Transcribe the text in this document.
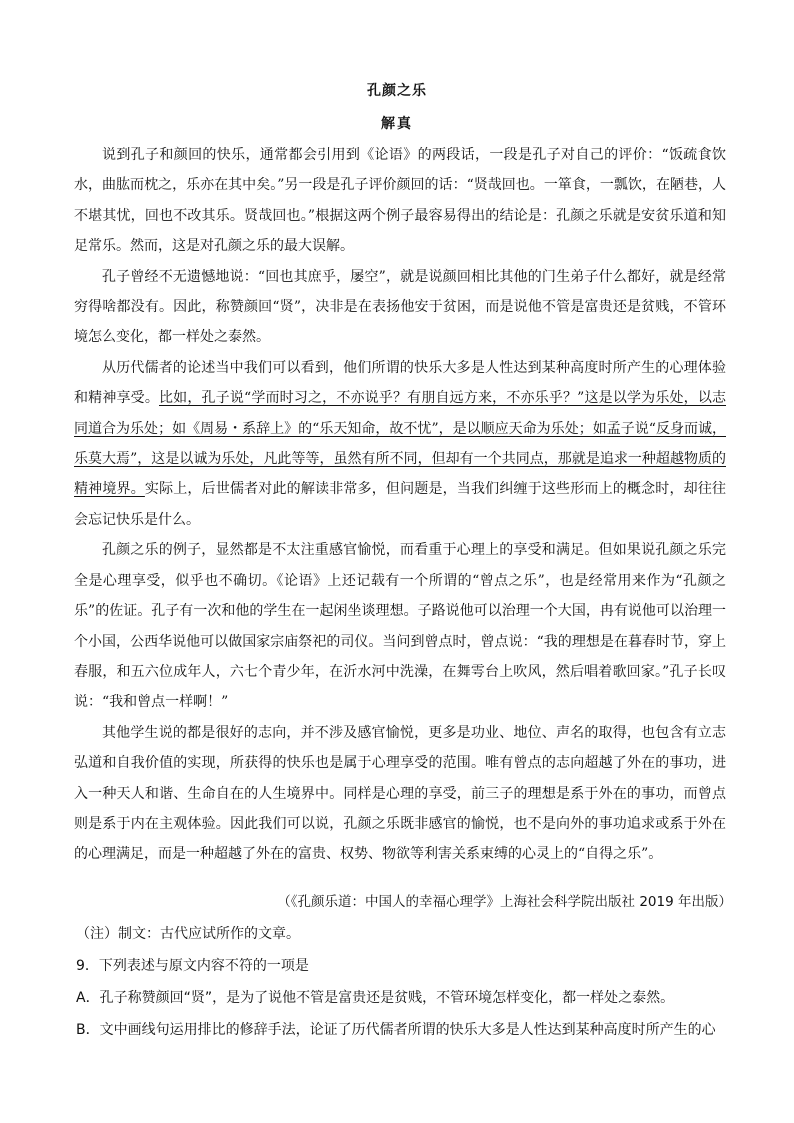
孔颜之乐
解真

说到孔子和颜回的快乐，通常都会引用到《论语》的两段话，一段是孔子对自己的评价：“饭疏食饮水，曲肱而枕之，乐亦在其中矣。”另一段是孔子评价颜回的话：“贤哉回也。一箪食，一瓢饮，在陋巷，人不堪其忧，回也不改其乐。贤哉回也。”根据这两个例子最容易得出的结论是：孔颜之乐就是安贫乐道和知足常乐。然而，这是对孔颜之乐的最大误解。

孔子曾经不无遗憾地说：“回也其庶乎，屡空”，就是说颜回相比其他的门生弟子什么都好，就是经常穷得啥都没有。因此，称赞颜回“贤”，决非是在表扬他安于贫困，而是说他不管是富贵还是贫贱，不管环境怎么变化，都一样处之泰然。

从历代儒者的论述当中我们可以看到，他们所谓的快乐大多是人性达到某种高度时所产生的心理体验和精神享受。比如，孔子说“学而时习之，不亦说乎？有朋自远方来，不亦乐乎？”这是以学为乐处，以志同道合为乐处；如《周易・系辞上》的“乐天知命，故不忧”，是以顺应天命为乐处；如孟子说“反身而诚，乐莫大焉”，这是以诚为乐处，凡此等等，虽然有所不同，但却有一个共同点，那就是追求一种超越物质的精神境界。实际上，后世儒者对此的解读非常多，但问题是，当我们纠缠于这些形而上的概念时，却往往会忘记快乐是什么。

孔颜之乐的例子，显然都是不太注重感官愉悦，而看重于心理上的享受和满足。但如果说孔颜之乐完全是心理享受，似乎也不确切。《论语》上还记载有一个所谓的“曾点之乐”，也是经常用来作为“孔颜之乐”的佐证。孔子有一次和他的学生在一起闲坐谈理想。子路说他可以治理一个大国，冉有说他可以治理一个小国，公西华说他可以做国家宗庙祭祀的司仪。当问到曾点时，曾点说：“我的理想是在暮春时节，穿上春服，和五六位成年人，六七个青少年，在沂水河中洗澡，在舞雩台上吹风，然后唱着歌回家。”孔子长叹说：“我和曾点一样啊！”

其他学生说的都是很好的志向，并不涉及感官愉悦，更多是功业、地位、声名的取得，也包含有立志弘道和自我价值的实现，所获得的快乐也是属于心理享受的范围。唯有曾点的志向超越了外在的事功，进入一种天人和谐、生命自在的人生境界中。同样是心理的享受，前三子的理想是系于外在的事功，而曾点则是系于内在主观体验。因此我们可以说，孔颜之乐既非感官的愉悦，也不是向外的事功追求或系于外在的心理满足，而是一种超越了外在的富贵、权势、物欲等利害关系束缚的心灵上的“自得之乐”。

（《孔颜乐道：中国人的幸福心理学》上海社会科学院出版社 2019 年出版）
（注）制文：古代应试所作的文章。
9．下列表述与原文内容不符的一项是
A．孔子称赞颜回“贤”，是为了说他不管是富贵还是贫贱，不管环境怎样变化，都一样处之泰然。
B．文中画线句运用排比的修辞手法，论证了历代儒者所谓的快乐大多是人性达到某种高度时所产生的心
